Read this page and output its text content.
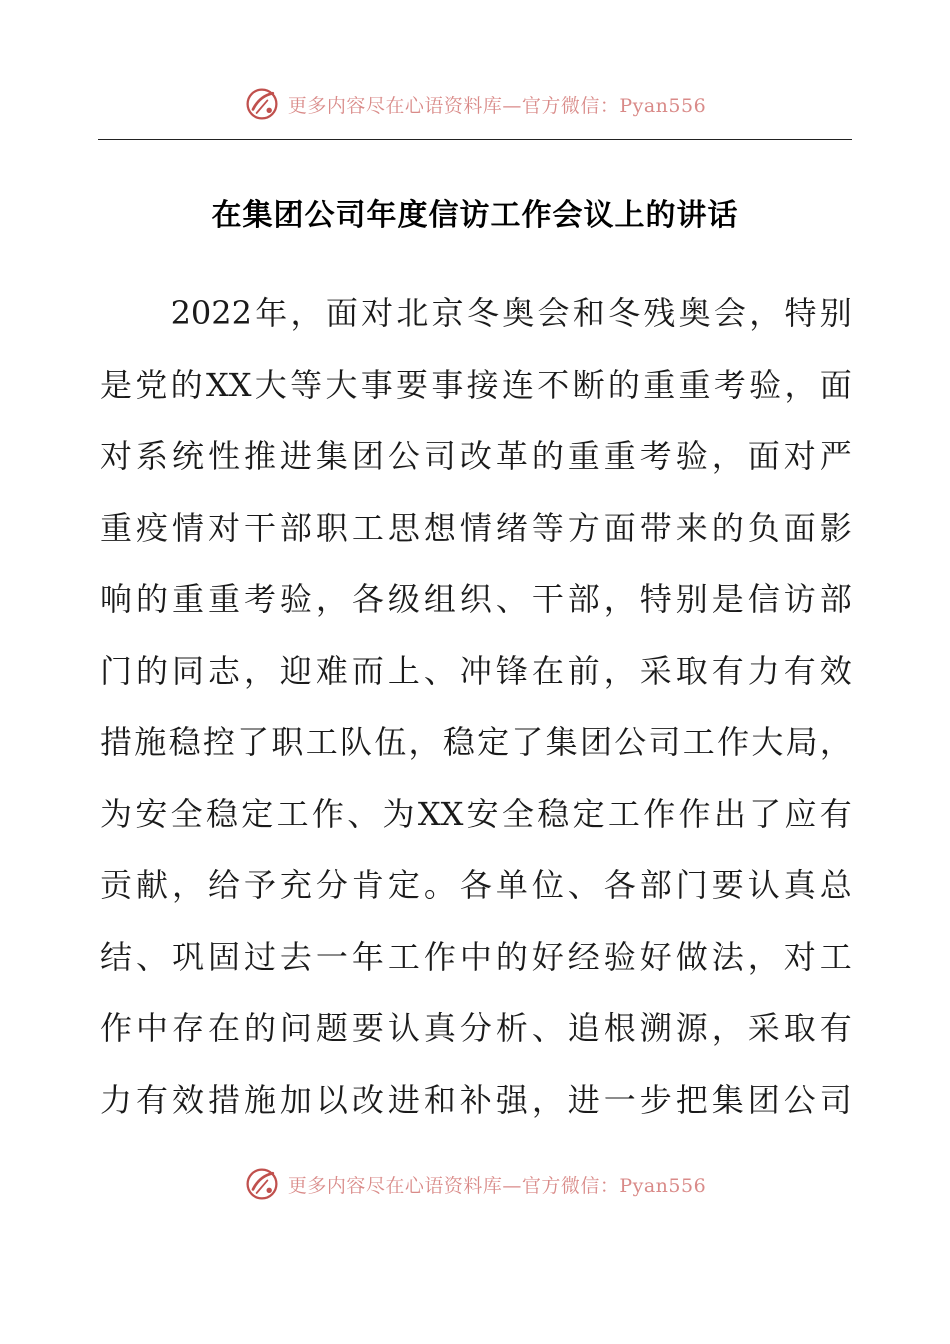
更多内容尽在心语资料库—官方微信：Pyan556
在集团公司年度信访工作会议上的讲话

2022 年 ， 面 对 北 京 冬 奥 会 和 冬 残 奥 会 ， 特 别
是 党 的 XX 大 等 大 事 要 事 接 连 不 断 的 重 重 考 验 ， 面
对 系 统 性 推 进 集 团 公 司 改 革 的 重 重 考 验 ， 面 对 严
重 疫 情 对 干 部 职 工 思 想 情 绪 等 方 面 带 来 的 负 面 影
响 的 重 重 考 验 ， 各 级 组 织 、 干 部 ， 特 别 是 信 访 部
门 的 同 志 ， 迎 难 而 上 、 冲 锋 在 前 ， 采 取 有 力 有 效
措 施 稳 控 了 职 工 队 伍 ， 稳 定 了 集 团 公 司 工 作 大 局 ，
为 安 全 稳 定 工 作 、 为 XX 安 全 稳 定 工 作 作 出 了 应 有
贡 献 ， 给 予 充 分 肯 定 。 各 单 位 、 各 部 门 要 认 真 总
结 、 巩 固 过 去 一 年 工 作 中 的 好 经 验 好 做 法 ， 对 工
作 中 存 在 的 问 题 要 认 真 分 析 、 追 根 溯 源 ， 采 取 有
力 有 效 措 施 加 以 改 进 和 补 强 ， 进 一 步 把 集 团 公 司
更多内容尽在心语资料库—官方微信：Pyan556
